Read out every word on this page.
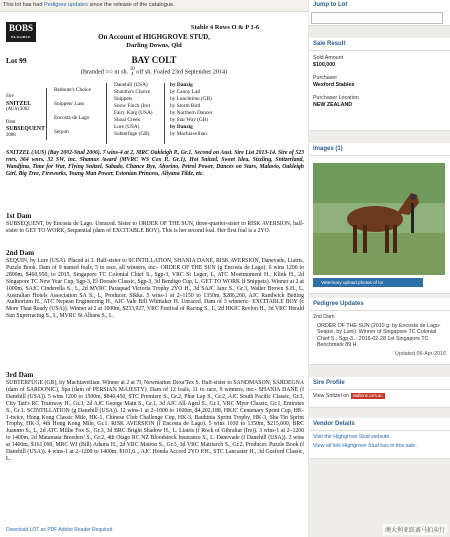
This lot has had Pedigree updates since the release of the catalogue.
BOBS
ELIGIBLE
Stable 4 Rows O & P 1-6
On Account of HIGHGROVE STUD,
Darling Downs, Qld
Lot 99	BAY COLT
(Branded ○○ nr sh. 10
4 off sh. Foaled 23rd September 2014)
Sire
SNITZEL
(AUS) 2002
Dam
SUBSEQUENT
2008
Redoute's Choice
Snippets' Lass
Encosta de Lago
Sequin
Danehill (USA)
Shantha's Choice
Snippets
Snow Finch (Ire)
Fairy King (USA)
Shoal Creek
Lure (USA)
Subterfuge (GB)
by Danzig
by Canny Lad
by Lunchtime (GB)
by Storm Bird
by Northern Dancer
by Star Way (GB)
by Danzig
by Machiavellian
SNITZEL (AUS) (Bay 2002-Stud 2006). 7 wins-4 at 2, MRC Oakleigh P., Gr.1. Second on Aust. Sire List 2013-14. Sire of 523 rnrs, 364 wnrs, 32 SW, inc. Shamus Award (MVRC WS Cox P., Gr.1), Hot Snitzel, Sweet Idea, Sizzling, Snitzerland, Wandjina, Time for War, Flying Snitzel, Sabado, Chance Bye, Ahorino, Petrol Power, Dances on Stars, Malavio, Oakleigh Girl, Big Tree, Fireworks, Young Man Power, Estonian Princess, Aliyana Tilde, etc.
1st Dam
SUBSEQUENT, by Encosta de Lago. Unraced. Sister to ORDER OF THE SUN, three-quarter-sister to RISK AVERSION, half-sister to GET TO WORK, Sequential (dam of EXCITABLE BOY). This is her second foal. Her first foal is a 2YO.
2nd Dam
SEQUIN, by Lure (USA). Placed at 3. Half-sister to SCINTILLATION, SHANIA DANE, RISK AVERSION, Danevade, Liatris, Puzzle Book. Dam of 9 named foals, 5 to race, all winners, inc:- ORDER OF THE SUN (g Encosta de Lago). 6 wins 1200 to 2800m, $460,950, to 2015, Singapore TC Colonial Chief S., Sgp-3, VRC St Leger, L, ATC Moetmoment H., Klink H., 2d Singapore TC New Year Cup, Sgp-3, El Dorado Classic, Sgp-3, 3d Bendigo Cup, L. GET TO WORK (f Snippets). Winner at 2 at 1000m, SAJC Cinderella S., L, 2d MVRC Paraquad Victoria Trophy 2YO H., 3d SAJC Janz S., Gr.3, Walter Brown S.H., L, Australian Hotels Association SA S., L, Producer. Sikka. 5 wins-1 at 2–1150 to 1350m, $286,200, AJC Randwick Betting Auditorium H., ATC Nepean Engineering H., AJC Vale Bill Whittaker H. Unraced. Dam of 3 winners:- EXCITABLE BOY (c More Than Ready (USA)). Winner at 2 at 1000m, $233,927, VRC Festival of Racing S., L, 2d HKJC Revlon H., 3d VRC Herald Sun Superracing S., L, MVRC St Albans S., L.
3rd Dam
SUBTERFUGE (GB), by Machiavellian. Winner at 2 at 7f, Newmarket Dexa'Tex S. Half-sister to SANDMASON, SARDEGNA (dam of SARDONIC), Spa (dam of PERSIAN MAJESTY). Dam of 12 foals, 11 to race, 9 winners, inc:- SHANIA DANE (f Danehill (USA)). 5 wins 1200 to 1500m, $846,450, STC Premiere S., Gr.2, Phar Lap S., Gr.2, AJC South Pacific Classic, Gr.3, City Tatt's RC Tramway H., Gr.3, 2d AJC George Main S., Gr.1, 3d AJC All-Aged S., Gr.1, VRC Myer Classic, Gr.1, Emirates S., Gr.1. SCINTILLATION (g Danehill (USA)). 12 wins-1 at 2–1000 to 1600m, $4,202,188, HKJC Centenary Sprint Cup, HK-1-twice, Hong Kong Classic Mile, HK-1, Chinese Club Challenge Cup, HK-3, Bauhinia Sprint Trophy, HK-3, Sha Tin Sprint Trophy, HK-3, 4th Hong Kong Mile, Gr.1. RISK AVERSION (f Encosta de Lago). 5 wins 1030 to 1350m, $215,000, BRC Juanmo S., L, 2d ATC Millie Fox S., Gr.3, 3d BRC Bright Shadow H., L. Liatris (f Rock of Gibraltar (Ire)). 3 wins-1 at 2–1200 to 1400m, 2d Matamata Breeders' S., Gr.2, 4th Otago RC NZ Bloodstock Insurance S., L. Danevade (f Danehill (USA)). 3 wins at 1400m, $161,090, MRC WJ (Bill) Adams H., 2d VRC Matron S., Gr.3, 3d VRC Matriarch S., Gr.2, Producer. Puzzle Book (f Danehill (USA)). 4 wins-1 at 2–1200 to 1400m, $101,0.., AJC Honda Accord 2YO P.H., STC Lancaster H., 3d Gosford Classic, L.
Download LOT as PDF Adobe Reader Required
Jump to Lot
Sale Result
Sold Amount
$100,000
Purchaser
Wexford Stables
Purchaser Location
NEW ZEALAND
Images (1)
Veterinary upload photos of lot
Pedigree Updates
2nd Dam
ORDER OF THE SUN (2010 g. by Encosta de Lago-Sequin, by Lure): Winner of Singapore TC Colonial Chief S., Sgp-3... 2016-02-28 1st Singapore TC Benchmark 89 H.
Updated 06-Apr-2016
Sire Profile
View Snitzel on stallions.com.au
Vendor Details
Visit the Highgrove Stud website.
View all lots Highgrove Stud has in this sale.
澳大利亚跃赛马拍卖行
